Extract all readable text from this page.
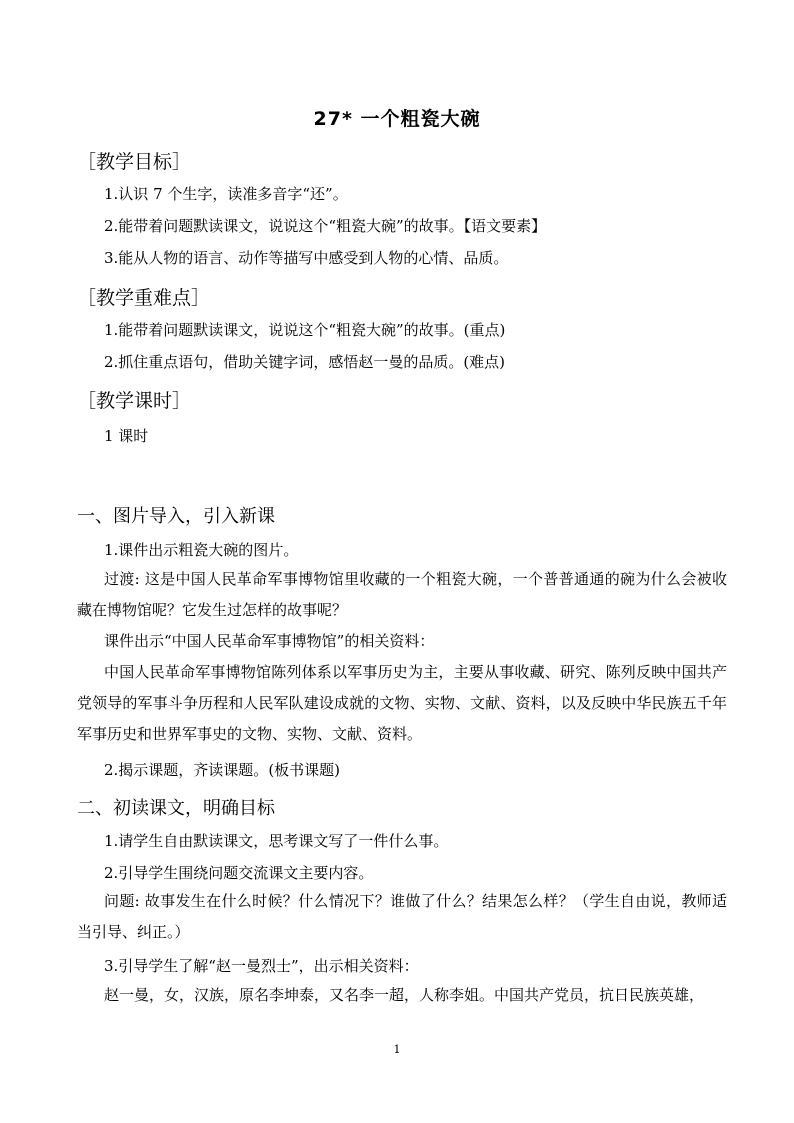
27* 一个粗瓷大碗
［教学目标］
1.认识 7 个生字，读准多音字“还”。
2.能带着问题默读课文，说说这个“粗瓷大碗”的故事。【语文要素】
3.能从人物的语言、动作等描写中感受到人物的心情、品质。
［教学重难点］
1.能带着问题默读课文，说说这个“粗瓷大碗”的故事。(重点)
2.抓住重点语句，借助关键字词，感悟赵一曼的品质。(难点)
［教学课时］
1 课时
一、图片导入，引入新课
1.课件出示粗瓷大碗的图片。
过渡: 这是中国人民革命军事博物馆里收藏的一个粗瓷大碗，一个普普通通的碗为什么会被收藏在博物馆呢？它发生过怎样的故事呢？
课件出示“中国人民革命军事博物馆”的相关资料：
中国人民革命军事博物馆陈列体系以军事历史为主，主要从事收藏、研究、陈列反映中国共产党领导的军事斗争历程和人民军队建设成就的文物、实物、文献、资料，以及反映中华民族五千年军事历史和世界军事史的文物、实物、文献、资料。
2.揭示课题，齐读课题。(板书课题)
二、初读课文，明确目标
1.请学生自由默读课文，思考课文写了一件什么事。
2.引导学生围绕问题交流课文主要内容。
问题: 故事发生在什么时候？什么情况下？谁做了什么？结果怎么样？（学生自由说，教师适当引导、纠正。）
3.引导学生了解“赵一曼烈士”，出示相关资料：
赵一曼，女，汉族，原名李坤泰，又名李一超，人称李姐。中国共产党员，抗日民族英雄，
1
